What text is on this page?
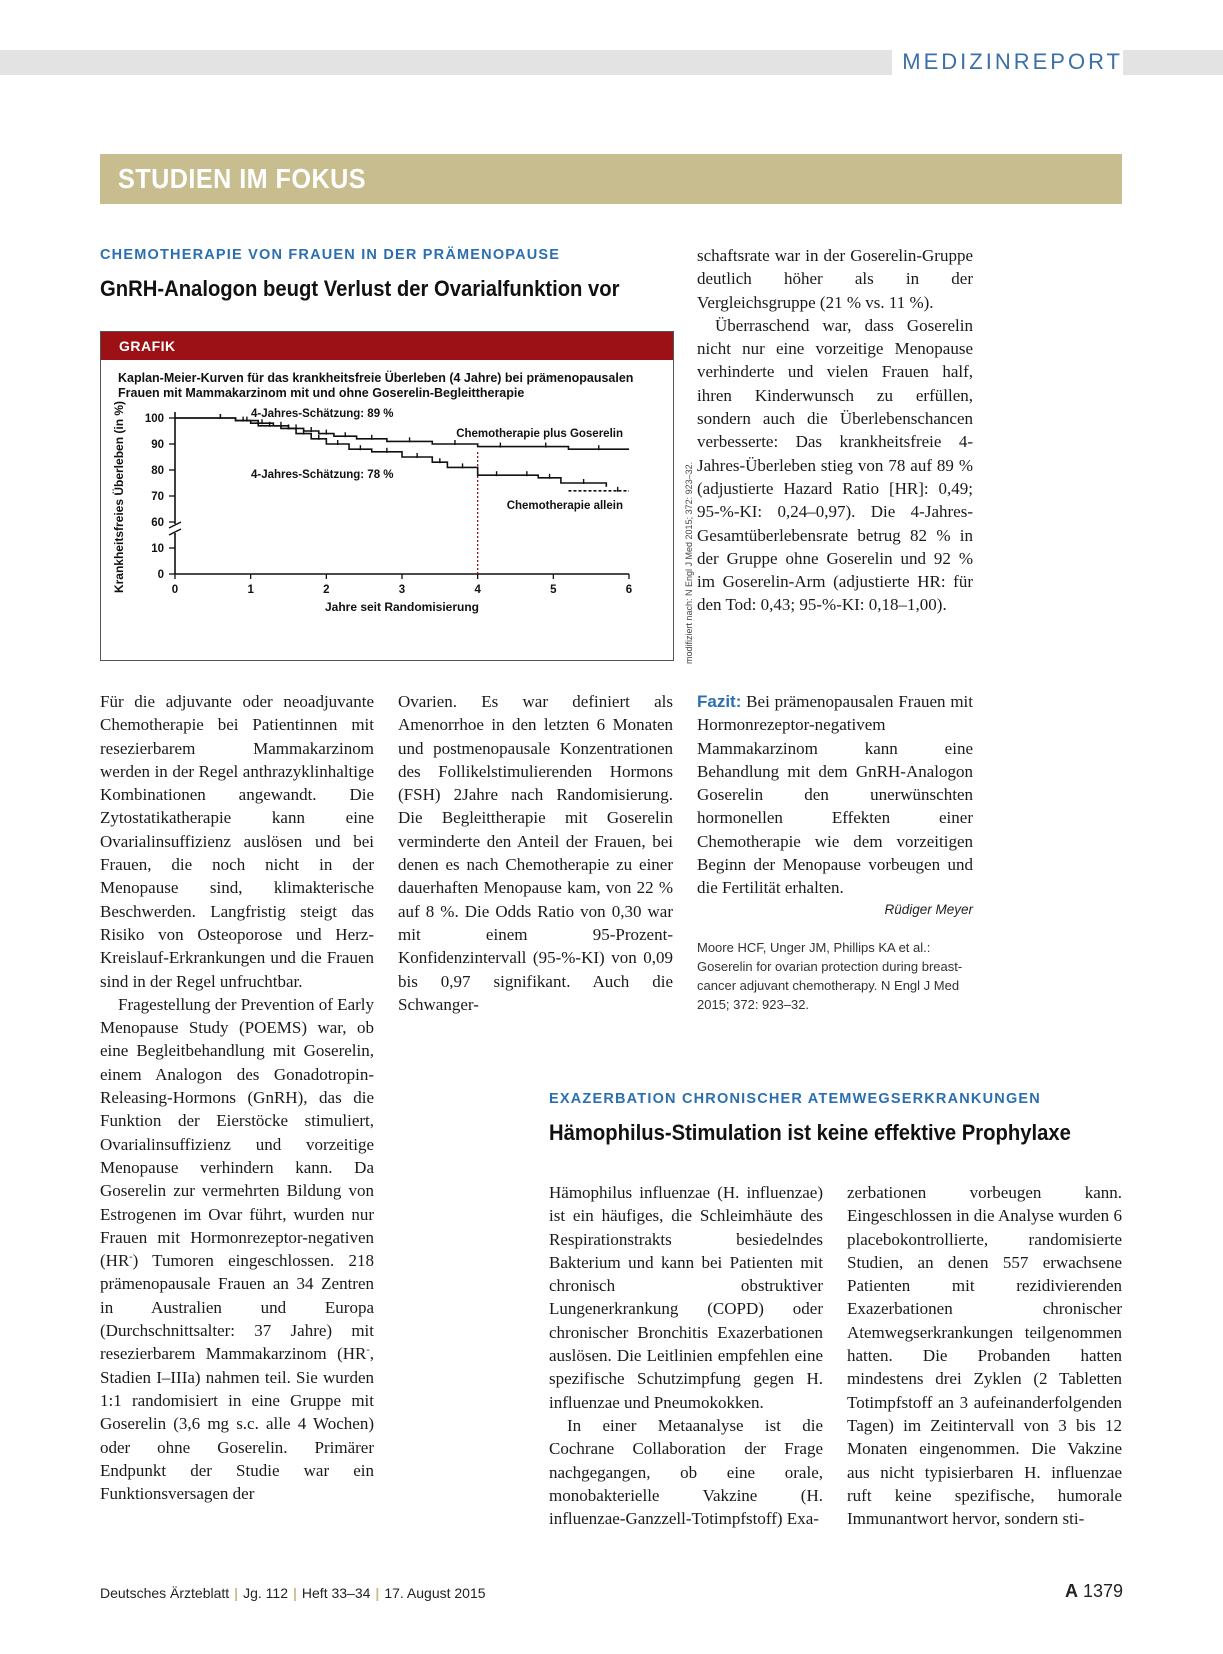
MEDIZINREPORT
STUDIEN IM FOKUS
CHEMOTHERAPIE VON FRAUEN IN DER PRÄMENOPAUSE
GnRH-Analogon beugt Verlust der Ovarialfunktion vor
GRAFIK
Kaplan-Meier-Kurven für das krankheitsfreie Überleben (4 Jahre) bei prämenopausalen Frauen mit Mammakarzinom mit und ohne Goserelin-Begleittherapie
0
10
60
70
80
90
100
0	1	2	3	4	5	6
Jahre seit Randomisierung
Krankheitsfreies Überleben (in %)	4-Jahres-Schätzung: 89 %
4-Jahres-Schätzung: 78 %
Chemotherapie plus Goserelin
Chemotherapie allein	modifiziert nach: N Engl J Med 2015; 372: 923–32.

Für die adjuvante oder neoadjuvante Chemotherapie bei Patientinnen mit resezierbarem Mammakarzinom werden in der Regel anthrazyklinhaltige Kombinationen angewandt. Die Zytostatikatherapie kann eine Ovarialinsuffizienz auslösen und bei Frauen, die noch nicht in der Menopause sind, klimakterische Beschwerden. Langfristig steigt das Risiko von Osteoporose und Herz-Kreislauf-Erkrankungen und die Frauen sind in der Regel unfruchtbar.

Fragestellung der Prevention of Early Menopause Study (POEMS) war, ob eine Begleitbehandlung mit Goserelin, einem Analogon des Gonadotropin-Releasing-Hormons (GnRH), das die Funktion der Eierstöcke stimuliert, Ovarialinsuffizienz und vorzeitige Menopause verhindern kann. Da Goserelin zur vermehrten Bildung von Estrogenen im Ovar führt, wurden nur Frauen mit Hormonrezeptor-negativen (HR-) Tumoren eingeschlossen. 218 prämenopausale Frauen an 34 Zentren in Australien und Europa (Durchschnittsalter: 37 Jahre) mit resezierbarem Mammakarzinom (HR-, Stadien I–IIIa) nahmen teil. Sie wurden 1:1 randomisiert in eine Gruppe mit Goserelin (3,6 mg s.c. alle 4 Wochen) oder ohne Goserelin. Primärer Endpunkt der Studie war ein Funktionsversagen der

Ovarien. Es war definiert als Amenorrhoe in den letzten 6 Monaten und postmenopausale Konzentrationen des Follikelstimulierenden Hormons (FSH) 2Jahre nach Randomisierung. Die Begleittherapie mit Goserelin verminderte den Anteil der Frauen, bei denen es nach Chemotherapie zu einer dauerhaften Menopause kam, von 22 % auf 8 %. Die Odds Ratio von 0,30 war mit einem 95-Prozent-Konfidenzintervall (95-%-KI) von 0,09 bis 0,97 signifikant. Auch die Schwanger-

schaftsrate war in der Goserelin-Gruppe deutlich höher als in der Vergleichsgruppe (21 % vs. 11 %).

Überraschend war, dass Goserelin nicht nur eine vorzeitige Menopause verhinderte und vielen Frauen half, ihren Kinderwunsch zu erfüllen, sondern auch die Überlebenschancen verbesserte: Das krankheitsfreie 4-Jahres-Überleben stieg von 78 auf 89 % (adjustierte Hazard Ratio [HR]: 0,49; 95-%-KI: 0,24–0,97). Die 4-Jahres-Gesamtüberlebensrate betrug 82 % in der Gruppe ohne Goserelin und 92 % im Goserelin-Arm (adjustierte HR: für den Tod: 0,43; 95-%-KI: 0,18–1,00).

Fazit: Bei prämenopausalen Frauen mit Hormonrezeptor-negativem Mammakarzinom kann eine Behandlung mit dem GnRH-Analogon Goserelin den unerwünschten hormonellen Effekten einer Chemotherapie wie dem vorzeitigen Beginn der Menopause vorbeugen und die Fertilität erhalten.

Rüdiger Meyer
Moore HCF, Unger JM, Phillips KA et al.: Goserelin for ovarian protection during breast-cancer adjuvant chemotherapy. N Engl J Med 2015; 372: 923–32.
EXAZERBATION CHRONISCHER ATEMWEGSERKRANKUNGEN
Hämophilus-Stimulation ist keine effektive Prophylaxe

Hämophilus influenzae (H. influenzae) ist ein häufiges, die Schleimhäute des Respirationstrakts besiedelndes Bakterium und kann bei Patienten mit chronisch obstruktiver Lungenerkrankung (COPD) oder chronischer Bronchitis Exazerbationen auslösen. Die Leitlinien empfehlen eine spezifische Schutzimpfung gegen H. influenzae und Pneumokokken.

In einer Metaanalyse ist die Cochrane Collaboration der Frage nachgegangen, ob eine orale, monobakterielle Vakzine (H. influenzae-Ganzzell-Totimpfstoff) Exa-

zerbationen vorbeugen kann. Eingeschlossen in die Analyse wurden 6 placebokontrollierte, randomisierte Studien, an denen 557 erwachsene Patienten mit rezidivierenden Exazerbationen chronischer Atemwegserkrankungen teilgenommen hatten. Die Probanden hatten mindestens drei Zyklen (2 Tabletten Totimpfstoff an 3 aufeinanderfolgenden Tagen) im Zeitintervall von 3 bis 12 Monaten eingenommen. Die Vakzine aus nicht typisierbaren H. influenzae ruft keine spezifische, humorale Immunantwort hervor, sondern sti-

Deutsches Ärzteblatt | Jg. 112 | Heft 33–34 | 17. August 2015	A 1379
